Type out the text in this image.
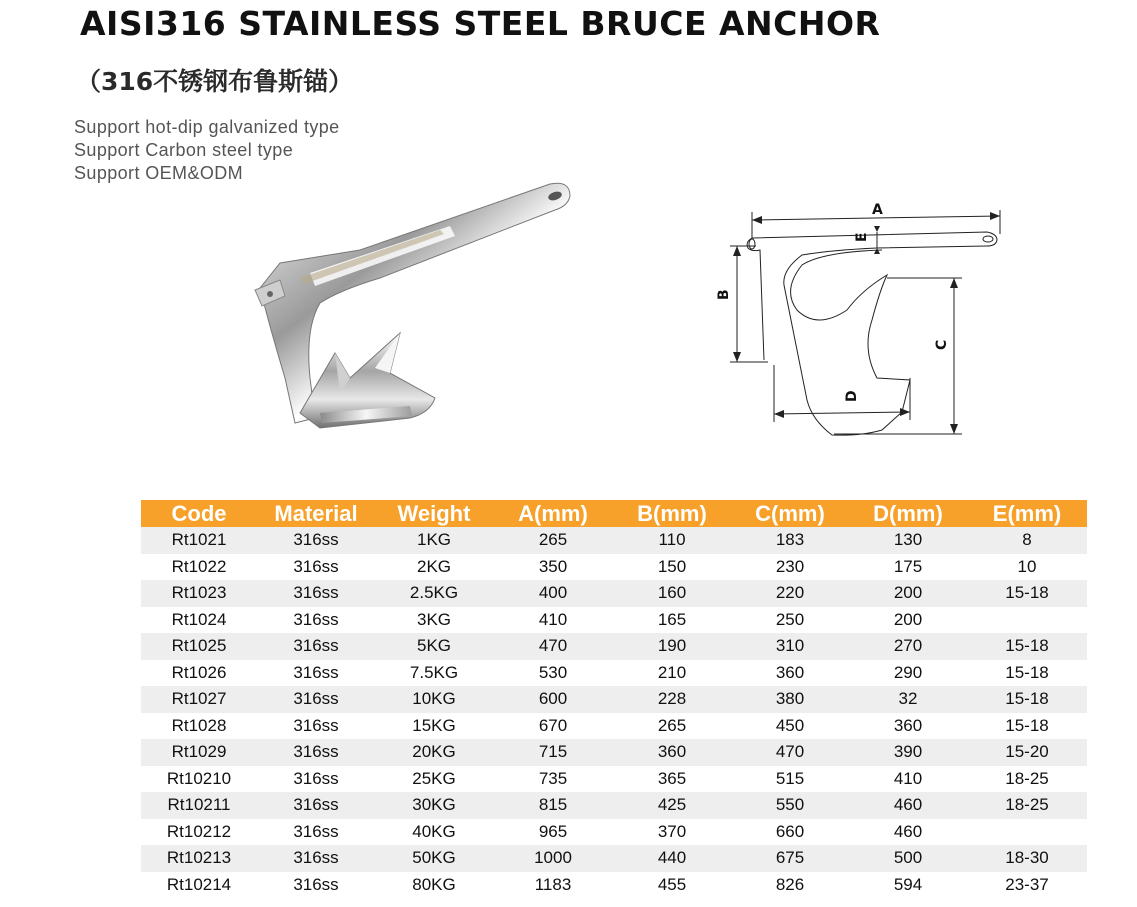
AISI316 STAINLESS STEEL BRUCE ANCHOR
（316不锈钢布鲁斯锚）
Support hot-dip galvanized type
Support Carbon steel type
Support OEM&ODM
A
E
B
C
D
Code	Material	Weight	A(mm)	B(mm)	C(mm)	D(mm)	E(mm)
Rt1021	316ss	1KG	265	110	183	130	8
Rt1022	316ss	2KG	350	150	230	175	10
Rt1023	316ss	2.5KG	400	160	220	200	15-18
Rt1024	316ss	3KG	410	165	250	200	
Rt1025	316ss	5KG	470	190	310	270	15-18
Rt1026	316ss	7.5KG	530	210	360	290	15-18
Rt1027	316ss	10KG	600	228	380	32	15-18
Rt1028	316ss	15KG	670	265	450	360	15-18
Rt1029	316ss	20KG	715	360	470	390	15-20
Rt10210	316ss	25KG	735	365	515	410	18-25
Rt10211	316ss	30KG	815	425	550	460	18-25
Rt10212	316ss	40KG	965	370	660	460	
Rt10213	316ss	50KG	1000	440	675	500	18-30
Rt10214	316ss	80KG	1183	455	826	594	23-37
